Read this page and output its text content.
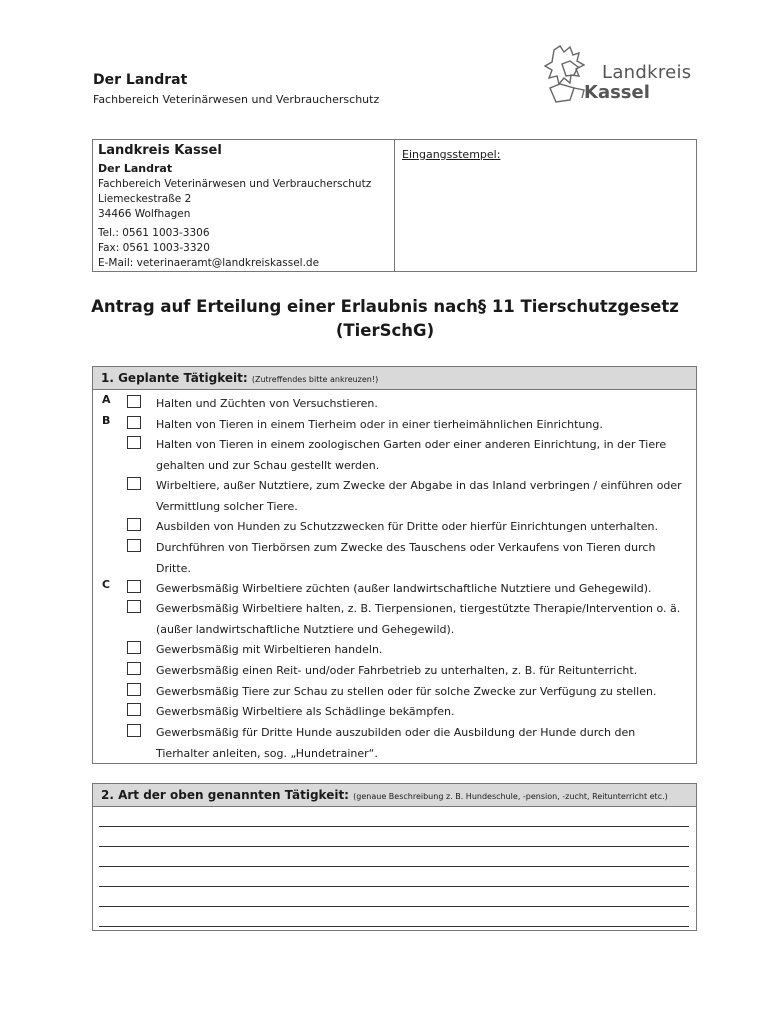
Der Landrat
Fachbereich Veterinärwesen und Verbraucherschutz
Landkreis
Kassel
Landkreis Kassel
Der Landrat
Fachbereich Veterinärwesen und Verbraucherschutz
Liemeckestraße 2
34466 Wolfhagen
Tel.: 0561 1003-3306
Fax: 0561 1003-3320
E-Mail: veterinaeramt@landkreiskassel.de
Eingangsstempel:
Antrag auf Erteilung einer Erlaubnis nach§ 11 Tierschutzgesetz
(TierSchG)
1. Geplante Tätigkeit: (Zutreffendes bitte ankreuzen!)
A	Halten und Züchten von Versuchstieren.
B	Halten von Tieren in einem Tierheim oder in einer tierheimähnlichen Einrichtung.
Halten von Tieren in einem zoologischen Garten oder einer anderen Einrichtung, in der Tiere gehalten und zur Schau gestellt werden.
Wirbeltiere, außer Nutztiere, zum Zwecke der Abgabe in das Inland verbringen / einführen oder Vermittlung solcher Tiere.
Ausbilden von Hunden zu Schutzzwecken für Dritte oder hierfür Einrichtungen unterhalten.
Durchführen von Tierbörsen zum Zwecke des Tauschens oder Verkaufens von Tieren durch Dritte.
C	Gewerbsmäßig Wirbeltiere züchten (außer landwirtschaftliche Nutztiere und Gehegewild).
Gewerbsmäßig Wirbeltiere halten, z. B. Tierpensionen, tiergestützte Therapie/Intervention o. ä. (außer landwirtschaftliche Nutztiere und Gehegewild).
Gewerbsmäßig mit Wirbeltieren handeln.
Gewerbsmäßig einen Reit- und/oder Fahrbetrieb zu unterhalten, z. B. für Reitunterricht.
Gewerbsmäßig Tiere zur Schau zu stellen oder für solche Zwecke zur Verfügung zu stellen.
Gewerbsmäßig Wirbeltiere als Schädlinge bekämpfen.
Gewerbsmäßig für Dritte Hunde auszubilden oder die Ausbildung der Hunde durch den Tierhalter anleiten, sog. „Hundetrainer“.
2. Art der oben genannten Tätigkeit: (genaue Beschreibung z. B. Hundeschule, -pension, -zucht, Reitunterricht etc.)
